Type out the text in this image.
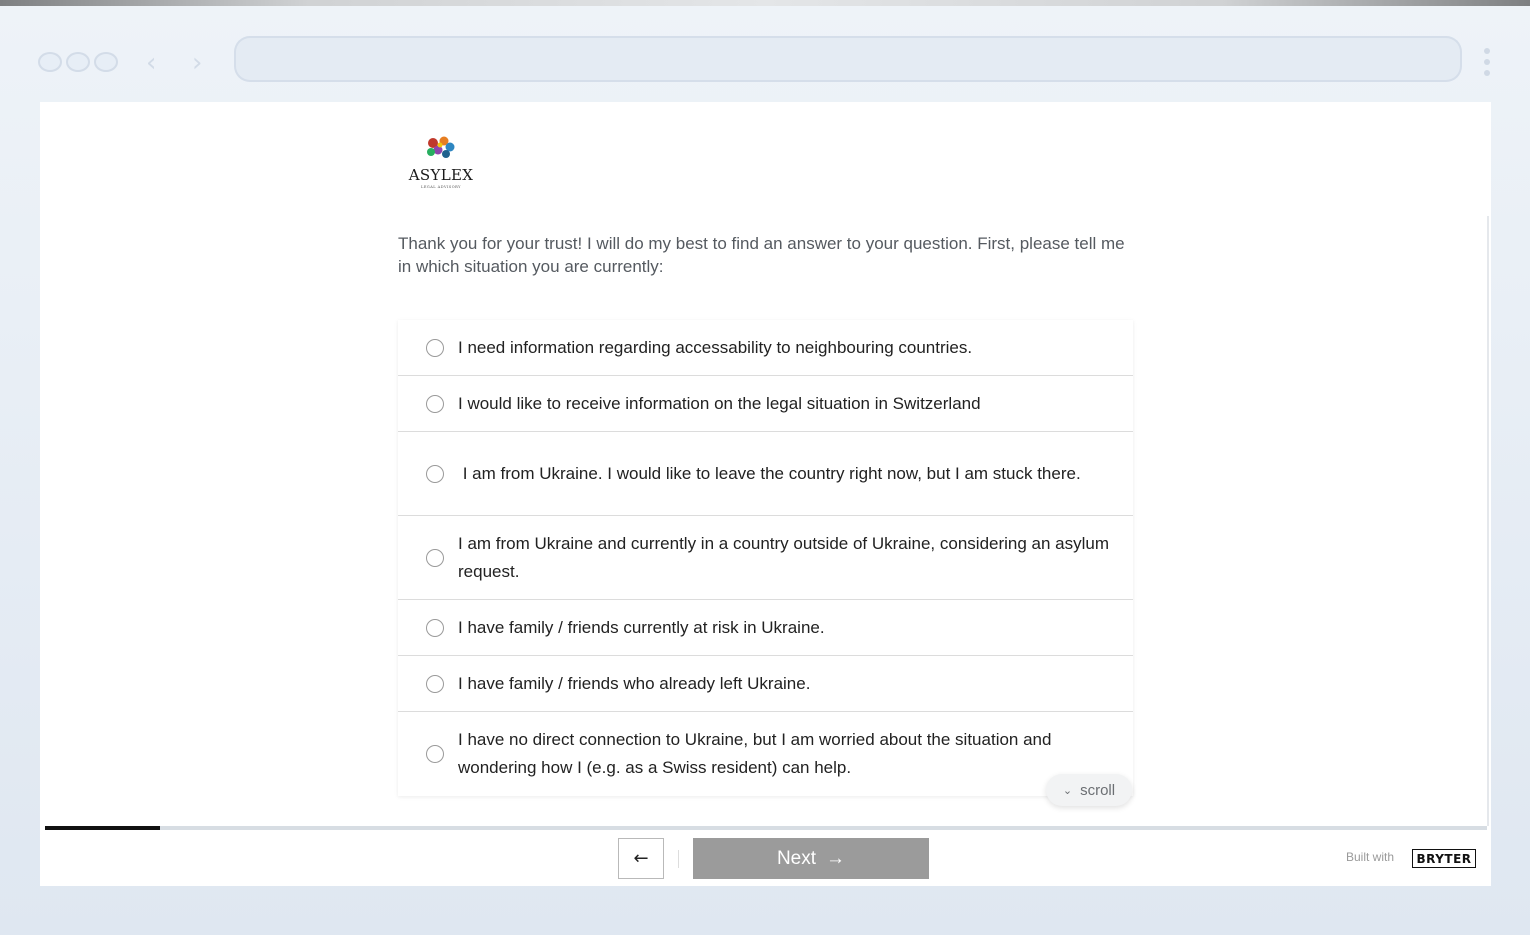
‹ ›
ASYLEX
LEGAL ADVISORY
Thank you for your trust! I will do my best to find an answer to your question. First, please tell me in which situation you are currently:
I need information regarding accessability to neighbouring countries.
I would like to receive information on the legal situation in Switzerland
I am from Ukraine. I would like to leave the country right now, but I am stuck there.
I am from Ukraine and currently in a country outside of Ukraine, considering an asylum request.
I have family / friends currently at risk in Ukraine.
I have family / friends who already left Ukraine.
I have no direct connection to Ukraine, but I am worried about the situation and wondering how I (e.g. as a Swiss resident) can help.
⌄ scroll
←	Next →	Built with	BRYTER
